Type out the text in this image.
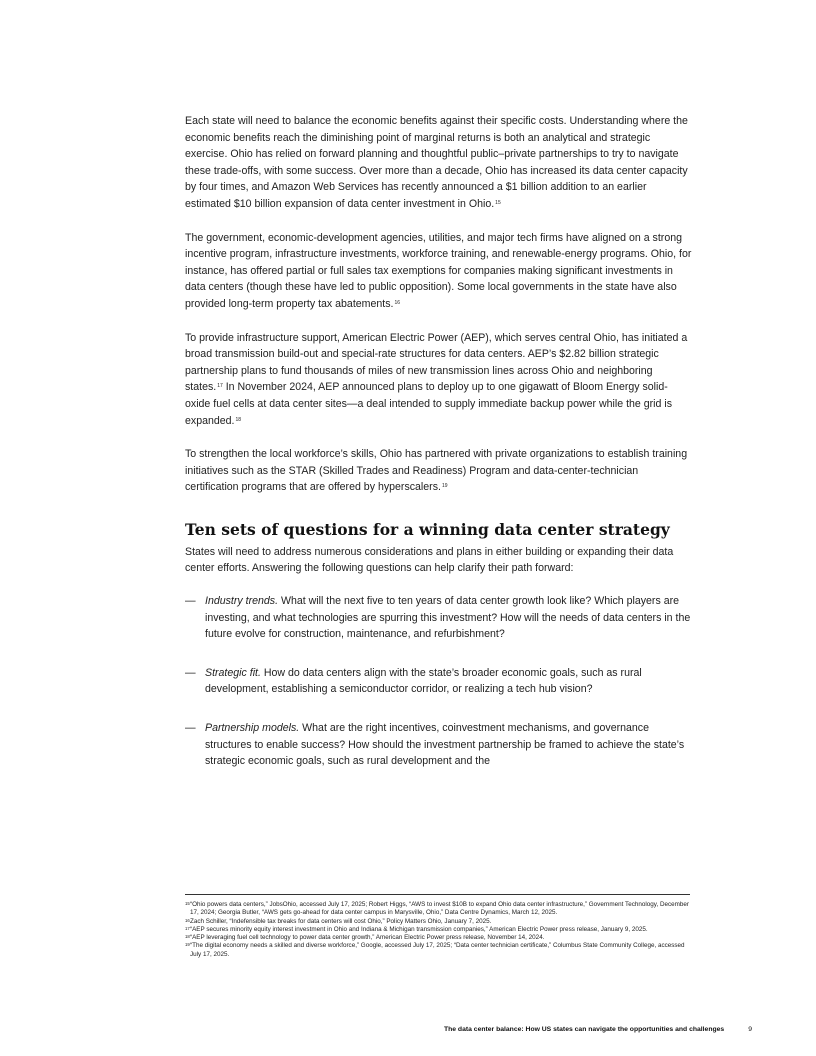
Each state will need to balance the economic benefits against their specific costs. Understanding where the economic benefits reach the diminishing point of marginal returns is both an analytical and strategic exercise. Ohio has relied on forward planning and thoughtful public–private partnerships to try to navigate these trade-offs, with some success. Over more than a decade, Ohio has increased its data center capacity by four times, and Amazon Web Services has recently announced a $1 billion addition to an earlier estimated $10 billion expansion of data center investment in Ohio.$^{15}$

The government, economic-development agencies, utilities, and major tech firms have aligned on a strong incentive program, infrastructure investments, workforce training, and renewable-energy programs. Ohio, for instance, has offered partial or full sales tax exemptions for companies making significant investments in data centers (though these have led to public opposition). Some local governments in the state have also provided long-term property tax abatements.$^{16}$

To provide infrastructure support, American Electric Power (AEP), which serves central Ohio, has initiated a broad transmission build-out and special-rate structures for data centers. AEP’s $2.82 billion strategic partnership plans to fund thousands of miles of new transmission lines across Ohio and neighboring states.$^{17}$ In November 2024, AEP announced plans to deploy up to one gigawatt of Bloom Energy solid-oxide fuel cells at data center sites—a deal intended to supply immediate backup power while the grid is expanded.$^{18}$

To strengthen the local workforce’s skills, Ohio has partnered with private organizations to establish training initiatives such as the STAR (Skilled Trades and Readiness) Program and data-center-technician certification programs that are offered by hyperscalers.$^{19}$

Ten sets of questions for a winning data center strategy

States will need to address numerous considerations and plans in either building or expanding their data center efforts. Answering the following questions can help clarify their path forward:

— Industry trends. What will the next five to ten years of data center growth look like? Which players are investing, and what technologies are spurring this investment? How will the needs of data centers in the future evolve for construction, maintenance, and refurbishment?
— Strategic fit. How do data centers align with the state’s broader economic goals, such as rural development, establishing a semiconductor corridor, or realizing a tech hub vision?
— Partnership models. What are the right incentives, coinvestment mechanisms, and governance structures to enable success? How should the investment partnership be framed to achieve the state’s strategic economic goals, such as rural development and the
15 “Ohio powers data centers,” JobsOhio, accessed July 17, 2025; Robert Higgs, “AWS to invest $10B to expand Ohio data center infrastructure,” Government Technology, December 17, 2024; Georgia Butler, “AWS gets go-ahead for data center campus in Marysville, Ohio,” Data Centre Dynamics, March 12, 2025.
16 Zach Schiller, “Indefensible tax breaks for data centers will cost Ohio,” Policy Matters Ohio, January 7, 2025.
17 “AEP secures minority equity interest investment in Ohio and Indiana & Michigan transmission companies,” American Electric Power press release, January 9, 2025.
18 “AEP leveraging fuel cell technology to power data center growth,” American Electric Power press release, November 14, 2024.
19 “The digital economy needs a skilled and diverse workforce,” Google, accessed July 17, 2025; “Data center technician certificate,” Columbus State Community College, accessed July 17, 2025.
The data center balance: How US states can navigate the opportunities and challenges	9
